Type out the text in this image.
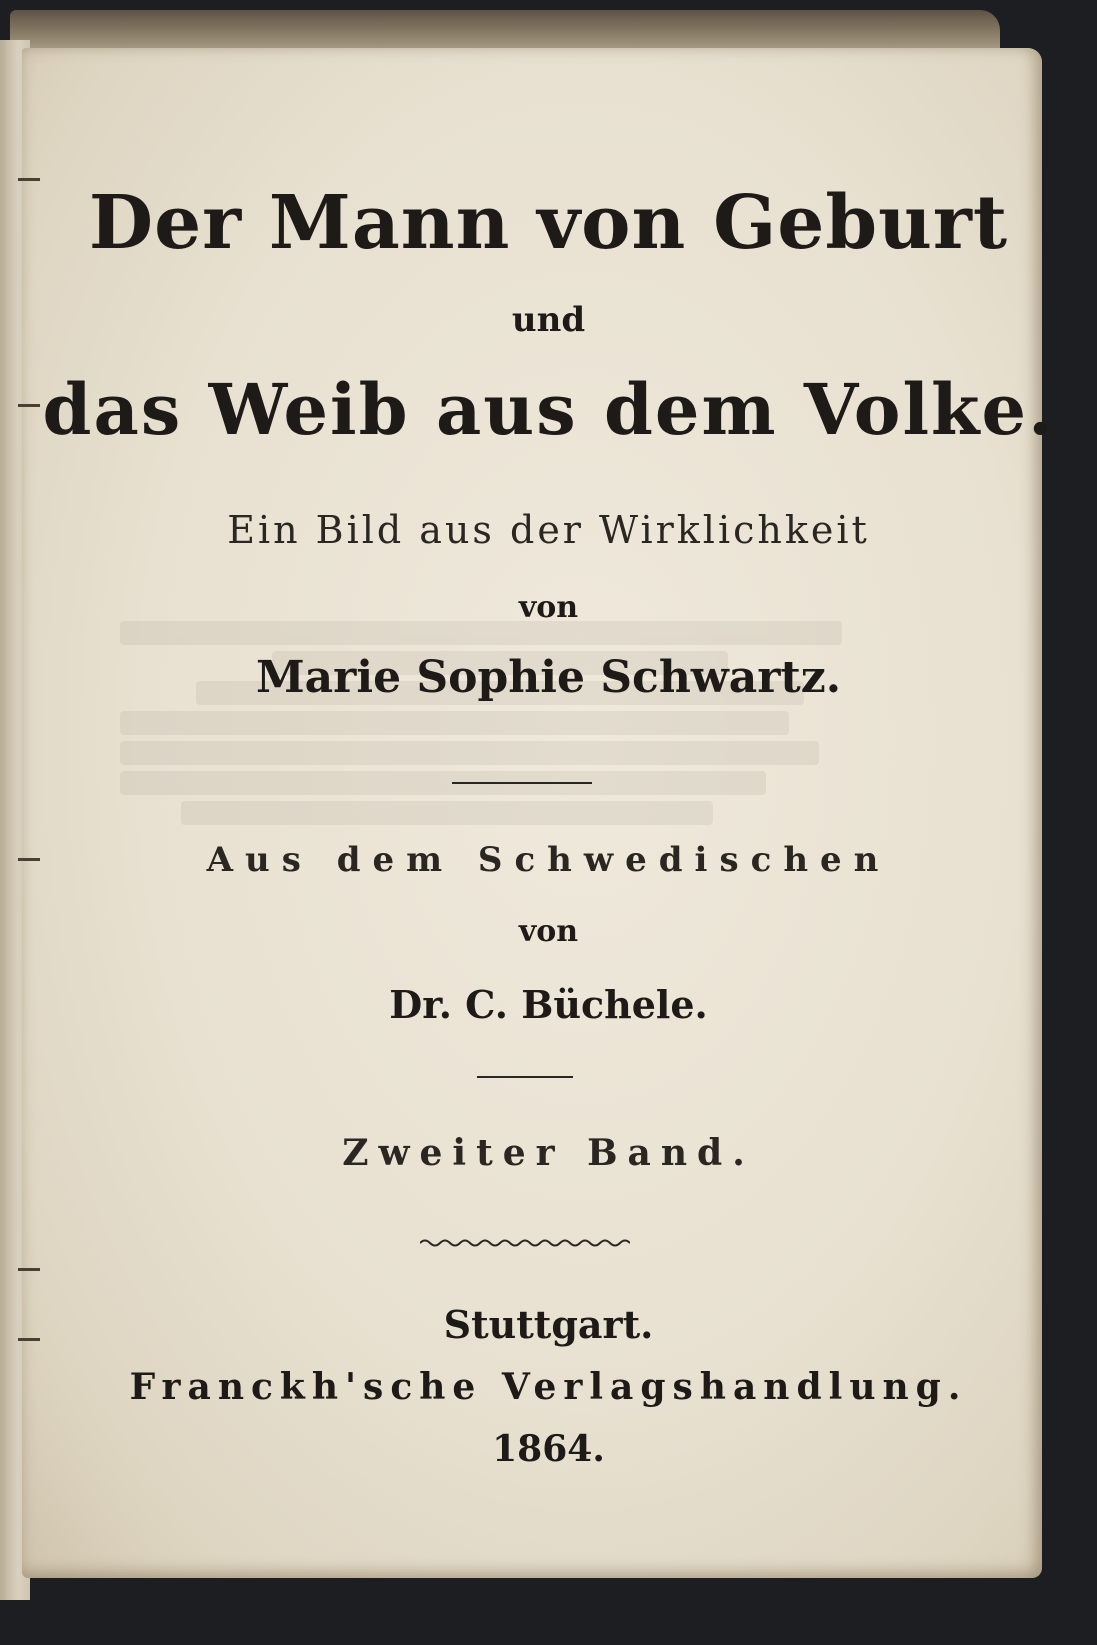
Der Mann von Geburt
und
das Weib aus dem Volke.
Ein Bild aus der Wirklichkeit
von
Marie Sophie Schwartz.
Aus dem Schwedischen
von
Dr. C. Büchele.
Zweiter Band.
Stuttgart.
Franckh'sche Verlagshandlung.
1864.
